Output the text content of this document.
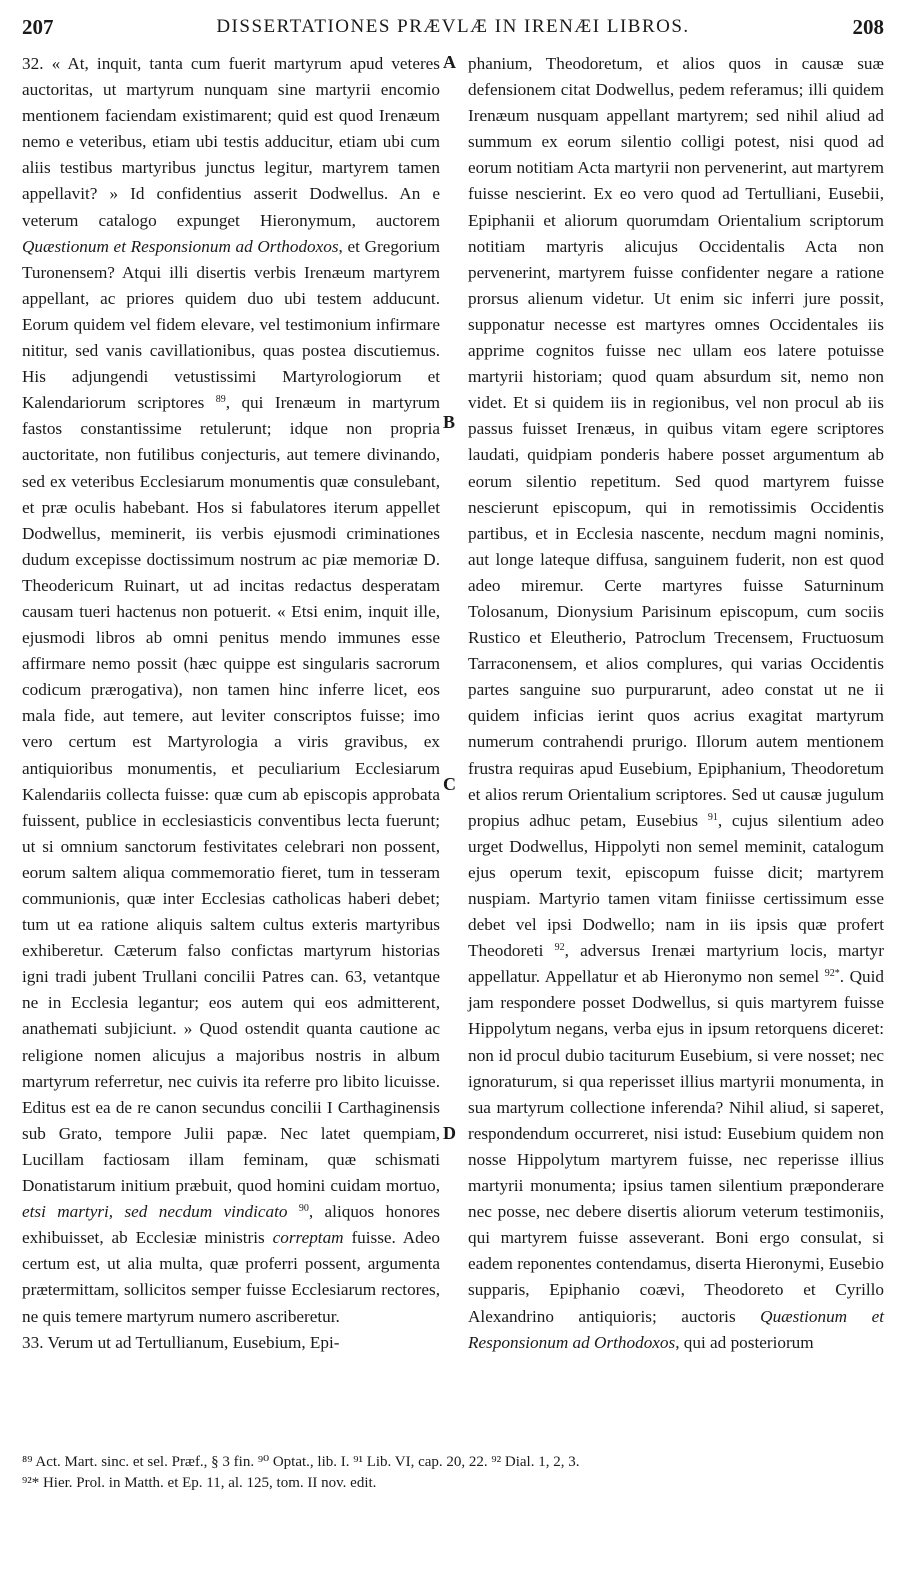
207	DISSERTATIONES PRÆVLÆ IN IRENÆI LIBROS.	208

32. « At, inquit, tanta cum fuerit martyrum apud veteres auctoritas, ut martyrum nunquam sine martyrii encomio mentionem faciendam existimarent; quid est quod Irenæum nemo e veteribus, etiam ubi testis adducitur, etiam ubi cum aliis testibus martyribus junctus legitur, martyrem tamen appellavit? » Id confidentius asserit Dodwellus. An e veterum catalogo expunget Hieronymum, auctorem Quæstionum et Responsionum ad Orthodoxos, et Gregorium Turonensem? Atqui illi disertis verbis Irenæum martyrem appellant, ac priores quidem duo ubi testem adducunt. Eorum quidem vel fidem elevare, vel testimonium infirmare nititur, sed vanis cavillationibus, quas postea discutiemus. His adjungendi vetustissimi Martyrologiorum et Kalendariorum scriptores $^{89}$, qui Irenæum in martyrum fastos constantissime retulerunt; idque non propria auctoritate, non futilibus conjecturis, aut temere divinando, sed ex veteribus Ecclesiarum monumentis quæ consulebant, et præ oculis habebant. Hos si fabulatores iterum appellet Dodwellus, meminerit, iis verbis ejusmodi criminationes dudum excepisse doctissimum nostrum ac piæ memoriæ D. Theodericum Ruinart, ut ad incitas redactus desperatam causam tueri hactenus non potuerit. « Etsi enim, inquit ille, ejusmodi libros ab omni penitus mendo immunes esse affirmare nemo possit (hæc quippe est singularis sacrorum codicum prærogativa), non tamen hinc inferre licet, eos mala fide, aut temere, aut leviter conscriptos fuisse; imo vero certum est Martyrologia a viris gravibus, ex antiquioribus monumentis, et peculiarium Ecclesiarum Kalendariis collecta fuisse: quæ cum ab episcopis approbata fuissent, publice in ecclesiasticis conventibus lecta fuerunt; ut si omnium sanctorum festivitates celebrari non possent, eorum saltem aliqua commemoratio fieret, tum in tesseram communionis, quæ inter Ecclesias catholicas haberi debet; tum ut ea ratione aliquis saltem cultus exteris martyribus exhiberetur. Cæterum falso confictas martyrum historias igni tradi jubent Trullani concilii Patres can. 63, vetantque ne in Ecclesia legantur; eos autem qui eos admitterent, anathemati subjiciunt. » Quod ostendit quanta cautione ac religione nomen alicujus a majoribus nostris in album martyrum referretur, nec cuivis ita referre pro libito licuisse. Editus est ea de re canon secundus concilii I Carthaginensis sub Grato, tempore Julii papæ. Nec latet quempiam, Lucillam factiosam illam feminam, quæ schismati Donatistarum initium præbuit, quod homini cuidam mortuo, etsi martyri, sed necdum vindicato $^{90}$, aliquos honores exhibuisset, ab Ecclesiæ ministris correptam fuisse. Adeo certum est, ut alia multa, quæ proferri possent, argumenta prætermittam, sollicitos semper fuisse Ecclesiarum rectores, ne quis temere martyrum numero ascriberetur.

33. Verum ut ad Tertullianum, Eusebium, Epi-

A
B
C
D

phanium, Theodoretum, et alios quos in causæ suæ defensionem citat Dodwellus, pedem referamus; illi quidem Irenæum nusquam appellant martyrem; sed nihil aliud ad summum ex eorum silentio colligi potest, nisi quod ad eorum notitiam Acta martyrii non pervenerint, aut martyrem fuisse nescierint. Ex eo vero quod ad Tertulliani, Eusebii, Epiphanii et aliorum quorumdam Orientalium scriptorum notitiam martyris alicujus Occidentalis Acta non pervenerint, martyrem fuisse confidenter negare a ratione prorsus alienum videtur. Ut enim sic inferri jure possit, supponatur necesse est martyres omnes Occidentales iis apprime cognitos fuisse nec ullam eos latere potuisse martyrii historiam; quod quam absurdum sit, nemo non videt. Et si quidem iis in regionibus, vel non procul ab iis passus fuisset Irenæus, in quibus vitam egere scriptores laudati, quidpiam ponderis habere posset argumentum ab eorum silentio repetitum. Sed quod martyrem fuisse nescierunt episcopum, qui in remotissimis Occidentis partibus, et in Ecclesia nascente, necdum magni nominis, aut longe lateque diffusa, sanguinem fuderit, non est quod adeo miremur. Certe martyres fuisse Saturninum Tolosanum, Dionysium Parisinum episcopum, cum sociis Rustico et Eleutherio, Patroclum Trecensem, Fructuosum Tarraconensem, et alios complures, qui varias Occidentis partes sanguine suo purpurarunt, adeo constat ut ne ii quidem inficias ierint quos acrius exagitat martyrum numerum contrahendi prurigo. Illorum autem mentionem frustra requiras apud Eusebium, Epiphanium, Theodoretum et alios rerum Orientalium scriptores. Sed ut causæ jugulum propius adhuc petam, Eusebius $^{91}$, cujus silentium adeo urget Dodwellus, Hippolyti non semel meminit, catalogum ejus operum texit, episcopum fuisse dicit; martyrem nuspiam. Martyrio tamen vitam finiisse certissimum esse debet vel ipsi Dodwello; nam in iis ipsis quæ profert Theodoreti $^{92}$, adversus Irenæi martyrium locis, martyr appellatur. Appellatur et ab Hieronymo non semel $^{92*}$. Quid jam respondere posset Dodwellus, si quis martyrem fuisse Hippolytum negans, verba ejus in ipsum retorquens diceret: non id procul dubio taciturum Eusebium, si vere nosset; nec ignoraturum, si qua reperisset illius martyrii monumenta, in sua martyrum collectione inferenda? Nihil aliud, si saperet, respondendum occurreret, nisi istud: Eusebium quidem non nosse Hippolytum martyrem fuisse, nec reperisse illius martyrii monumenta; ipsius tamen silentium præponderare nec posse, nec debere disertis aliorum veterum testimoniis, qui martyrem fuisse asseverant. Boni ergo consulat, si eadem reponentes contendamus, diserta Hieronymi, Eusebio supparis, Epiphanio coævi, Theodoreto et Cyrillo Alexandrino antiquioris; auctoris Quæstionum et Responsionum ad Orthodoxos, qui ad posteriorum

⁸⁹ Act. Mart. sinc. et sel. Præf., § 3 fin. ⁹⁰ Optat., lib. I. ⁹¹ Lib. VI, cap. 20, 22. ⁹² Dial. 1, 2, 3.
⁹²* Hier. Prol. in Matth. et Ep. 11, al. 125, tom. II nov. edit.
